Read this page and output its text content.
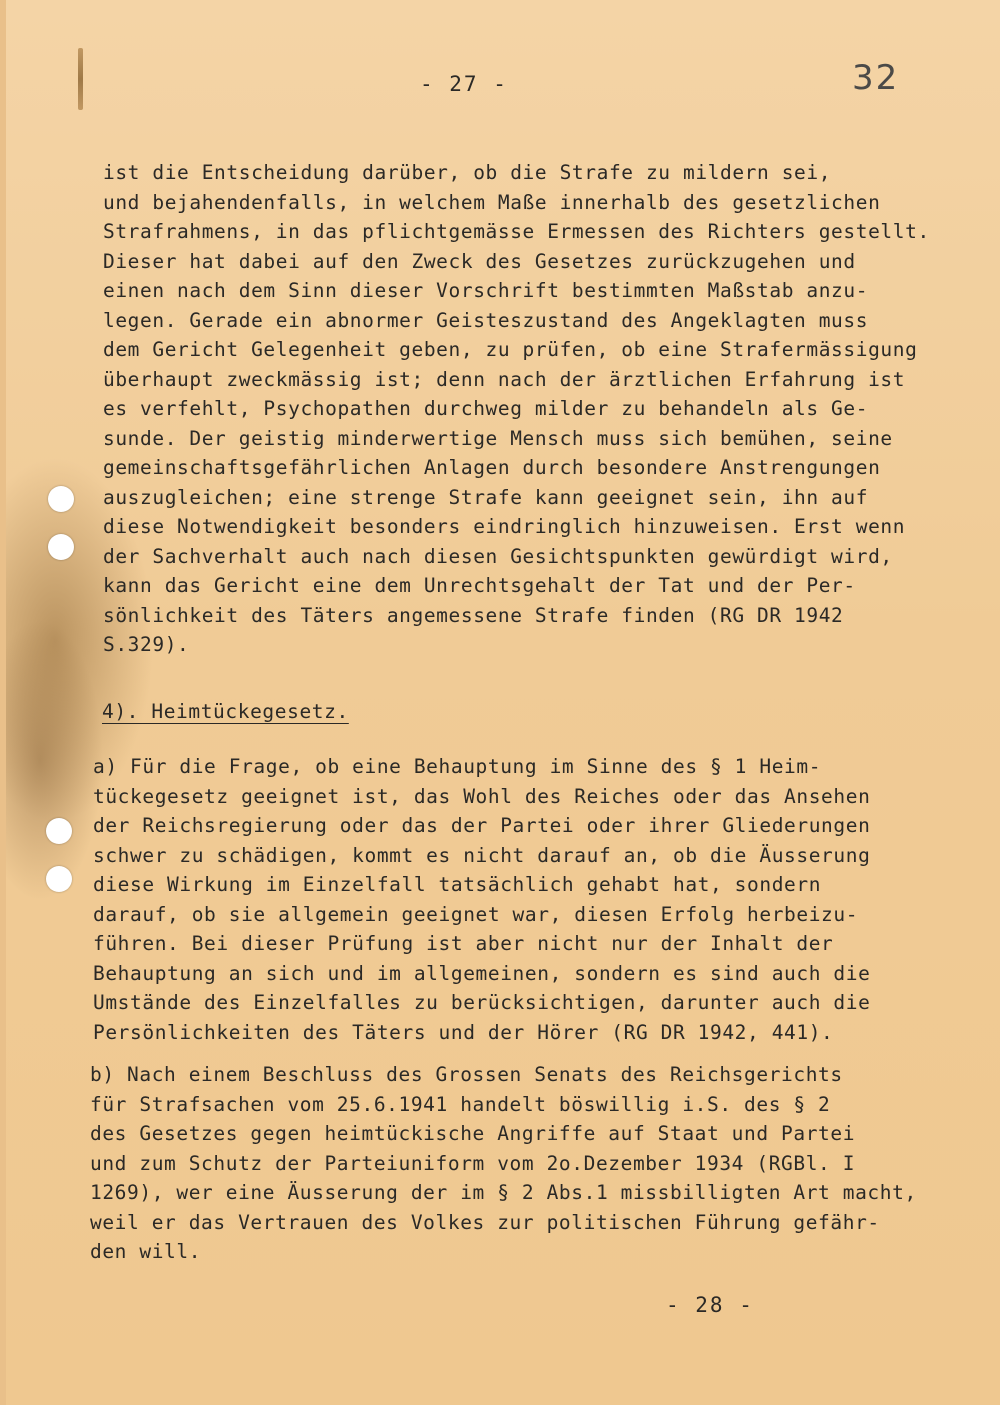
- 27 -	32
ist die Entscheidung darüber, ob die Strafe zu mildern sei,
und bejahendenfalls, in welchem Maße innerhalb des gesetzlichen
Strafrahmens, in das pflichtgemässe Ermessen des Richters gestellt.
Dieser hat dabei auf den Zweck des Gesetzes zurückzugehen und
einen nach dem Sinn dieser Vorschrift bestimmten Maßstab anzu-
legen. Gerade ein abnormer Geisteszustand des Angeklagten muss
dem Gericht Gelegenheit geben, zu prüfen, ob eine Strafermässigung
überhaupt zweckmässig ist; denn nach der ärztlichen Erfahrung ist
es verfehlt, Psychopathen durchweg milder zu behandeln als Ge-
sunde. Der geistig minderwertige Mensch muss sich bemühen, seine
gemeinschaftsgefährlichen Anlagen durch besondere Anstrengungen
auszugleichen; eine strenge Strafe kann geeignet sein, ihn auf
diese Notwendigkeit besonders eindringlich hinzuweisen. Erst wenn
der Sachverhalt auch nach diesen Gesichtspunkten gewürdigt wird,
kann das Gericht eine dem Unrechtsgehalt der Tat und der Per-
sönlichkeit des Täters angemessene Strafe finden (RG DR 1942
S.329).
4). Heimtückegesetz.
a) Für die Frage, ob eine Behauptung im Sinne des § 1 Heim-
tückegesetz geeignet ist, das Wohl des Reiches oder das Ansehen
der Reichsregierung oder das der Partei oder ihrer Gliederungen
schwer zu schädigen, kommt es nicht darauf an, ob die Äusserung
diese Wirkung im Einzelfall tatsächlich gehabt hat, sondern
darauf, ob sie allgemein geeignet war, diesen Erfolg herbeizu-
führen. Bei dieser Prüfung ist aber nicht nur der Inhalt der
Behauptung an sich und im allgemeinen, sondern es sind auch die
Umstände des Einzelfalles zu berücksichtigen, darunter auch die
Persönlichkeiten des Täters und der Hörer (RG DR 1942, 441).
b) Nach einem Beschluss des Grossen Senats des Reichsgerichts
für Strafsachen vom 25.6.1941 handelt böswillig i.S. des § 2
des Gesetzes gegen heimtückische Angriffe auf Staat und Partei
und zum Schutz der Parteiuniform vom 2o.Dezember 1934 (RGBl. I
1269), wer eine Äusserung der im § 2 Abs.1 missbilligten Art macht,
weil er das Vertrauen des Volkes zur politischen Führung gefähr-
den will.
- 28 -
